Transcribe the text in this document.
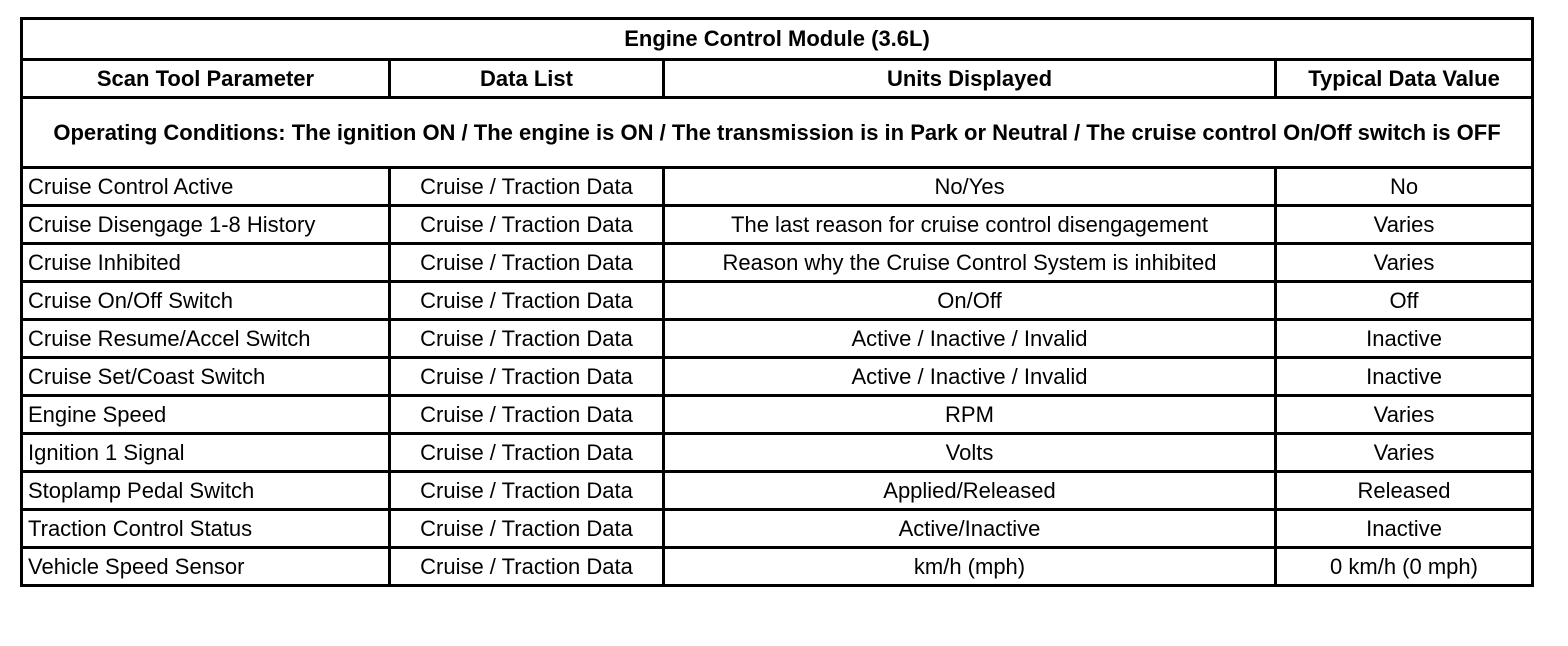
Engine Control Module (3.6L)			
Scan Tool Parameter	Data List	Units Displayed	Typical Data Value
Operating Conditions: The ignition ON / The engine is ON / The transmission is in Park or Neutral / The cruise control On/Off switch is OFF			
Cruise Control Active	Cruise / Traction Data	No/Yes	No
Cruise Disengage 1-8 History	Cruise / Traction Data	The last reason for cruise control disengagement	Varies
Cruise Inhibited	Cruise / Traction Data	Reason why the Cruise Control System is inhibited	Varies
Cruise On/Off Switch	Cruise / Traction Data	On/Off	Off
Cruise Resume/Accel Switch	Cruise / Traction Data	Active / Inactive / Invalid	Inactive
Cruise Set/Coast Switch	Cruise / Traction Data	Active / Inactive / Invalid	Inactive
Engine Speed	Cruise / Traction Data	RPM	Varies
Ignition 1 Signal	Cruise / Traction Data	Volts	Varies
Stoplamp Pedal Switch	Cruise / Traction Data	Applied/Released	Released
Traction Control Status	Cruise / Traction Data	Active/Inactive	Inactive
Vehicle Speed Sensor	Cruise / Traction Data	km/h (mph)	0 km/h (0 mph)
